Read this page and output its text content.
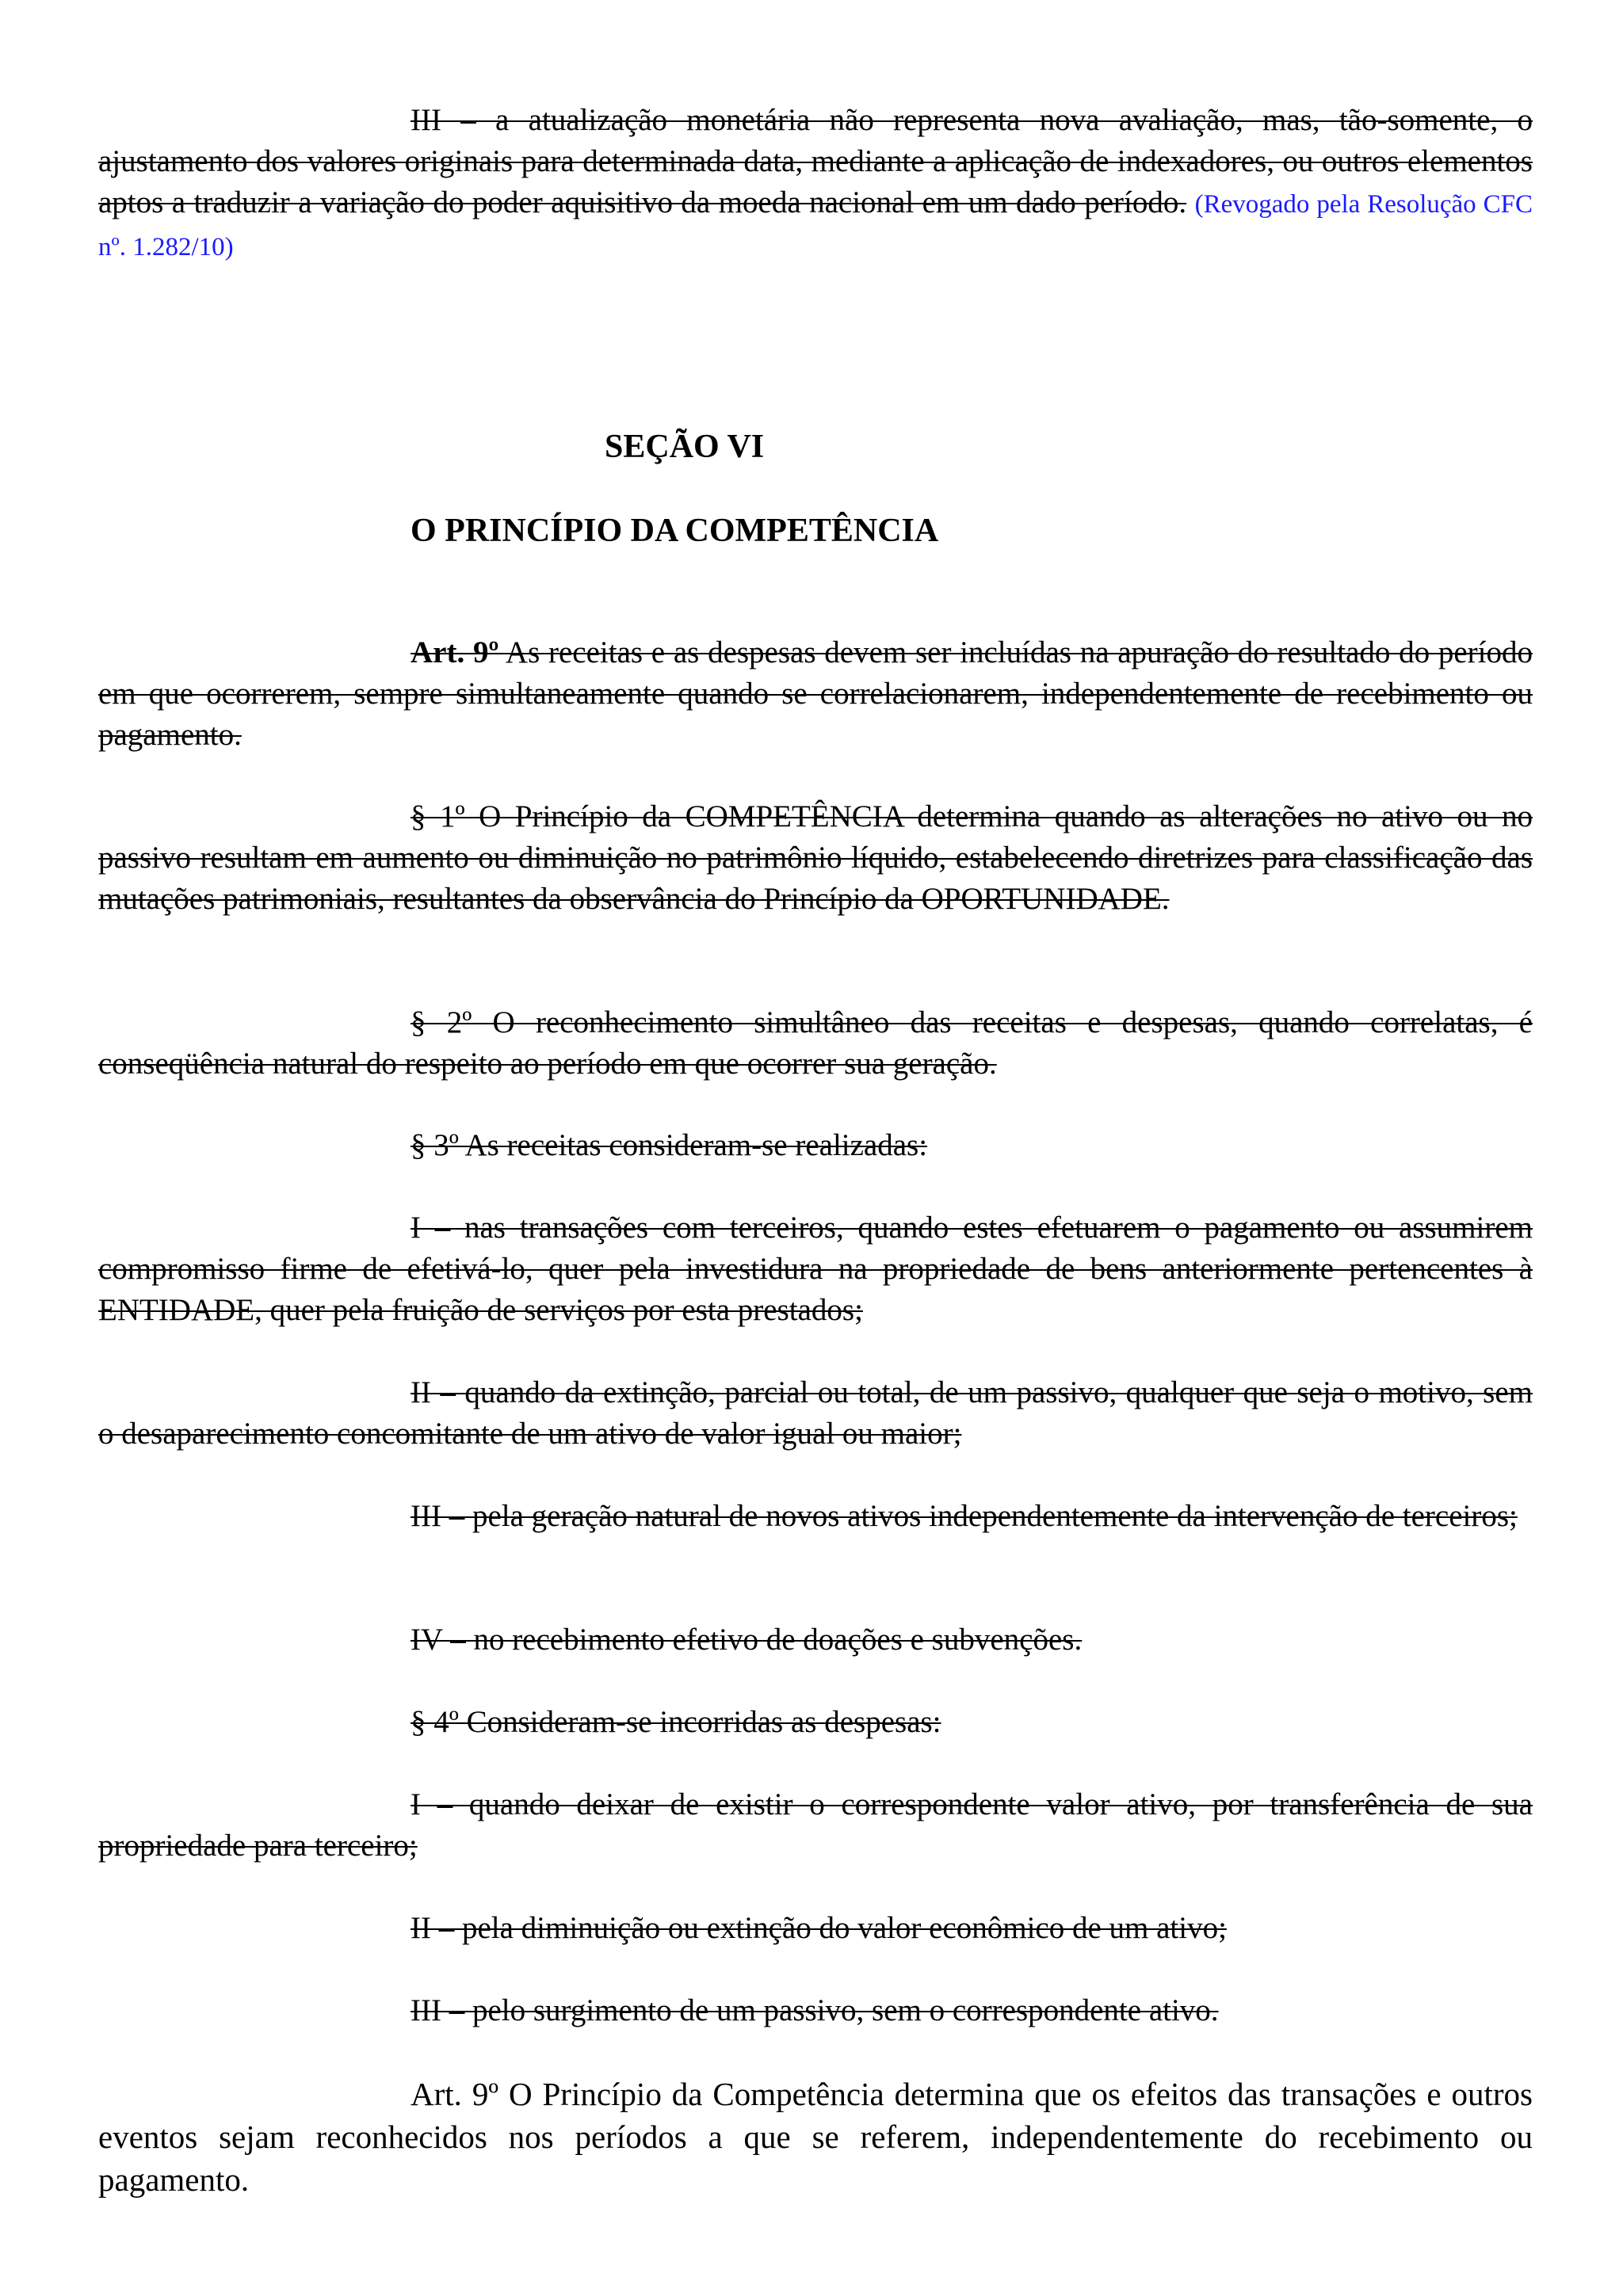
III – a atualização monetária não representa nova avaliação, mas, tão-somente, o ajustamento dos valores originais para determinada data, mediante a aplicação de indexadores, ou outros elementos aptos a traduzir a variação do poder aquisitivo da moeda nacional em um dado período. (Revogado pela Resolução CFC nº. 1.282/10)

SEÇÃO VI
O PRINCÍPIO DA COMPETÊNCIA

Art. 9º As receitas e as despesas devem ser incluídas na apuração do resultado do período em que ocorrerem, sempre simultaneamente quando se correlacionarem, independentemente de recebimento ou pagamento.

§ 1º O Princípio da COMPETÊNCIA determina quando as alterações no ativo ou no passivo resultam em aumento ou diminuição no patrimônio líquido, estabelecendo diretrizes para classificação das mutações patrimoniais, resultantes da observância do Princípio da OPORTUNIDADE.

§ 2º O reconhecimento simultâneo das receitas e despesas, quando correlatas, é conseqüência natural do respeito ao período em que ocorrer sua geração.

§ 3º As receitas consideram-se realizadas:

I – nas transações com terceiros, quando estes efetuarem o pagamento ou assumirem compromisso firme de efetivá-lo, quer pela investidura na propriedade de bens anteriormente pertencentes à ENTIDADE, quer pela fruição de serviços por esta prestados;

II – quando da extinção, parcial ou total, de um passivo, qualquer que seja o motivo, sem o desaparecimento concomitante de um ativo de valor igual ou maior;

III – pela geração natural de novos ativos independentemente da intervenção de terceiros;

IV – no recebimento efetivo de doações e subvenções.

§ 4º Consideram-se incorridas as despesas:

I – quando deixar de existir o correspondente valor ativo, por transferência de sua propriedade para terceiro;

II – pela diminuição ou extinção do valor econômico de um ativo;

III – pelo surgimento de um passivo, sem o correspondente ativo.

Art. 9º O Princípio da Competência determina que os efeitos das transações e outros eventos sejam reconhecidos nos períodos a que se referem, independentemente do recebimento ou pagamento.
